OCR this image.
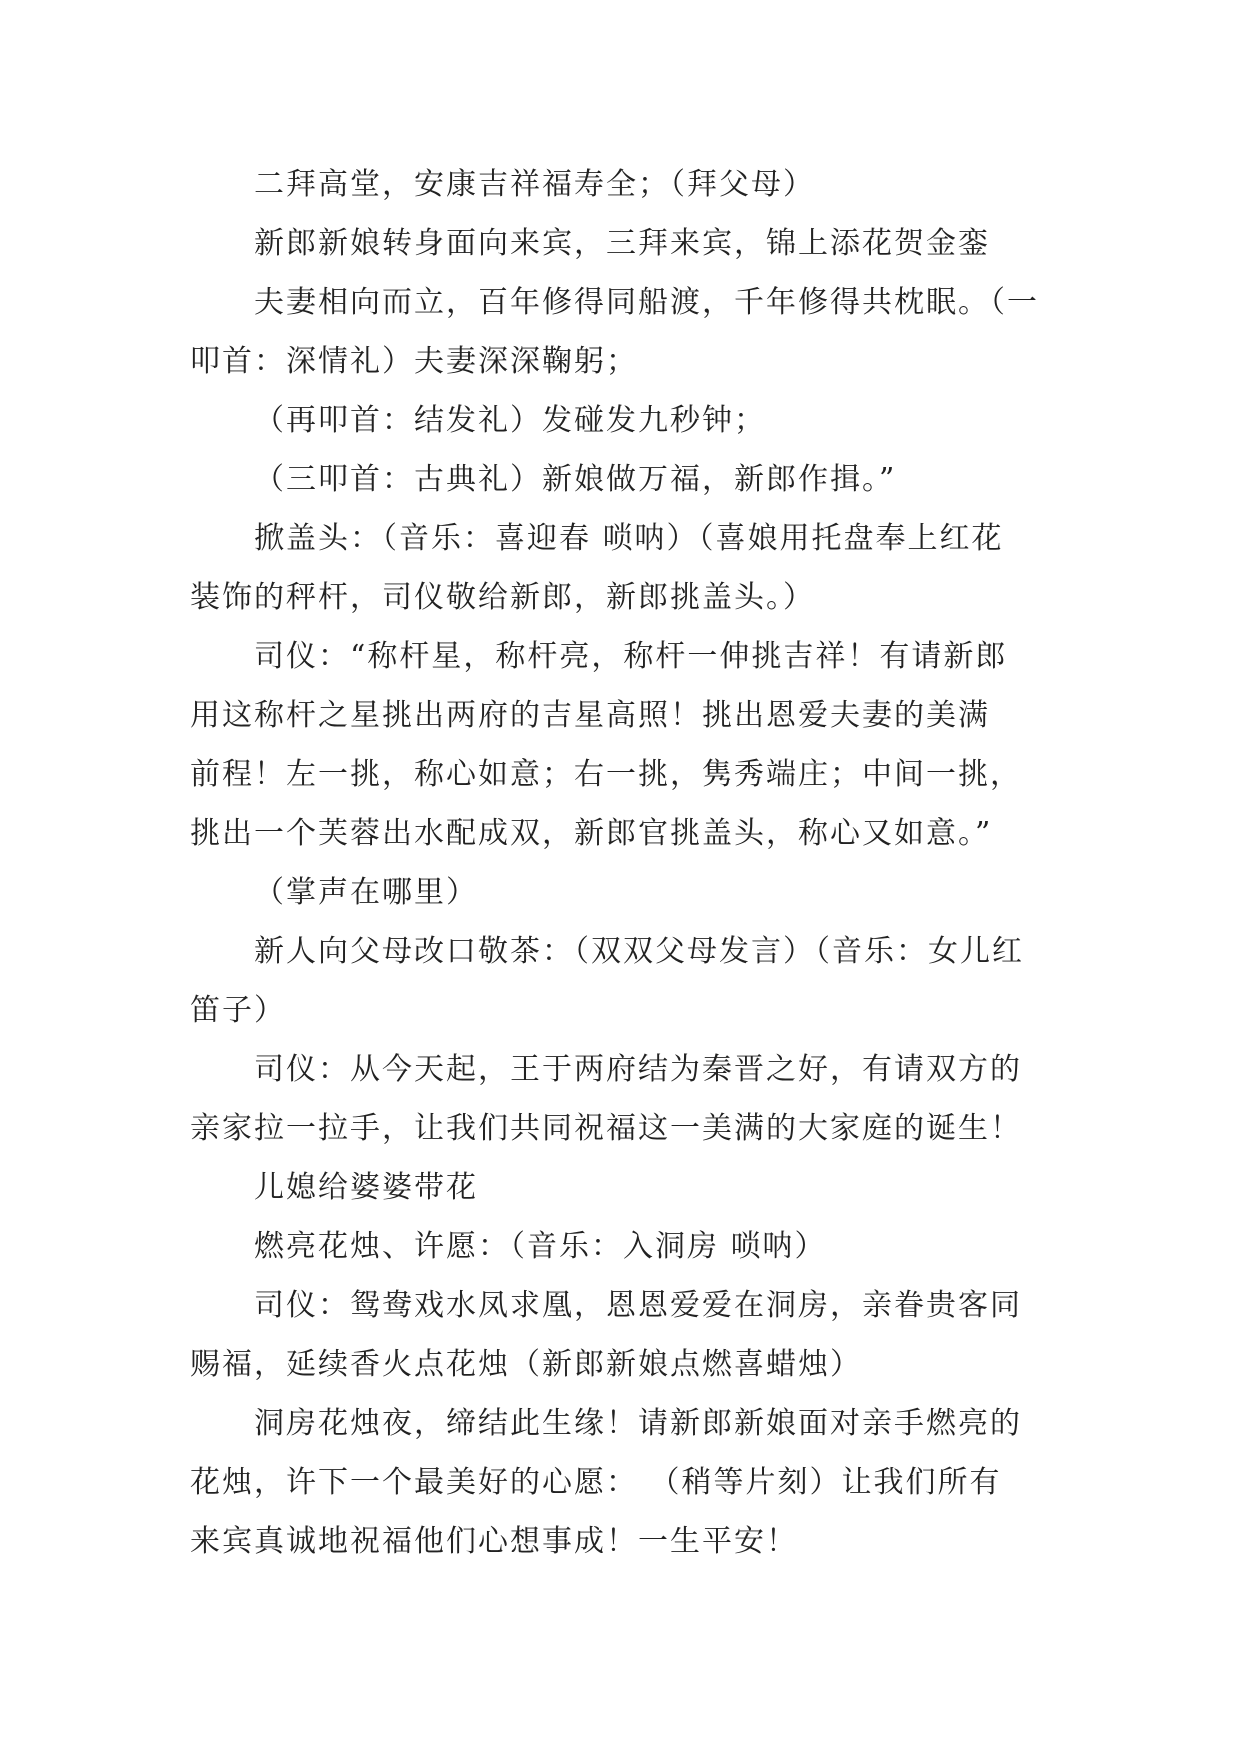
二拜高堂，安康吉祥福寿全；（拜父母）

新郎新娘转身面向来宾，三拜来宾，锦上添花贺金銮

夫妻相向而立，百年修得同船渡，千年修得共枕眠。（一
叩首：深情礼）夫妻深深鞠躬；

（再叩首：结发礼）发碰发九秒钟；

（三叩首：古典礼）新娘做万福，新郎作揖。”

掀盖头：（音乐：喜迎春 唢呐）（喜娘用托盘奉上红花
装饰的秤杆，司仪敬给新郎，新郎挑盖头。）

司仪：“称杆星，称杆亮，称杆一伸挑吉祥！有请新郎
用这称杆之星挑出两府的吉星高照！挑出恩爱夫妻的美满
前程！左一挑，称心如意；右一挑，隽秀端庄；中间一挑，
挑出一个芙蓉出水配成双，新郎官挑盖头，称心又如意。”

（掌声在哪里）

新人向父母改口敬茶：（双双父母发言）（音乐：女儿红
笛子）

司仪：从今天起，王于两府结为秦晋之好，有请双方的
亲家拉一拉手，让我们共同祝福这一美满的大家庭的诞生！

儿媳给婆婆带花

燃亮花烛、许愿：（音乐：入洞房 唢呐）

司仪：鸳鸯戏水凤求凰，恩恩爱爱在洞房，亲眷贵客同
赐福，延续香火点花烛（新郎新娘点燃喜蜡烛）

洞房花烛夜，缔结此生缘！请新郎新娘面对亲手燃亮的
花烛，许下一个最美好的心愿： （稍等片刻）让我们所有
来宾真诚地祝福他们心想事成！一生平安！
